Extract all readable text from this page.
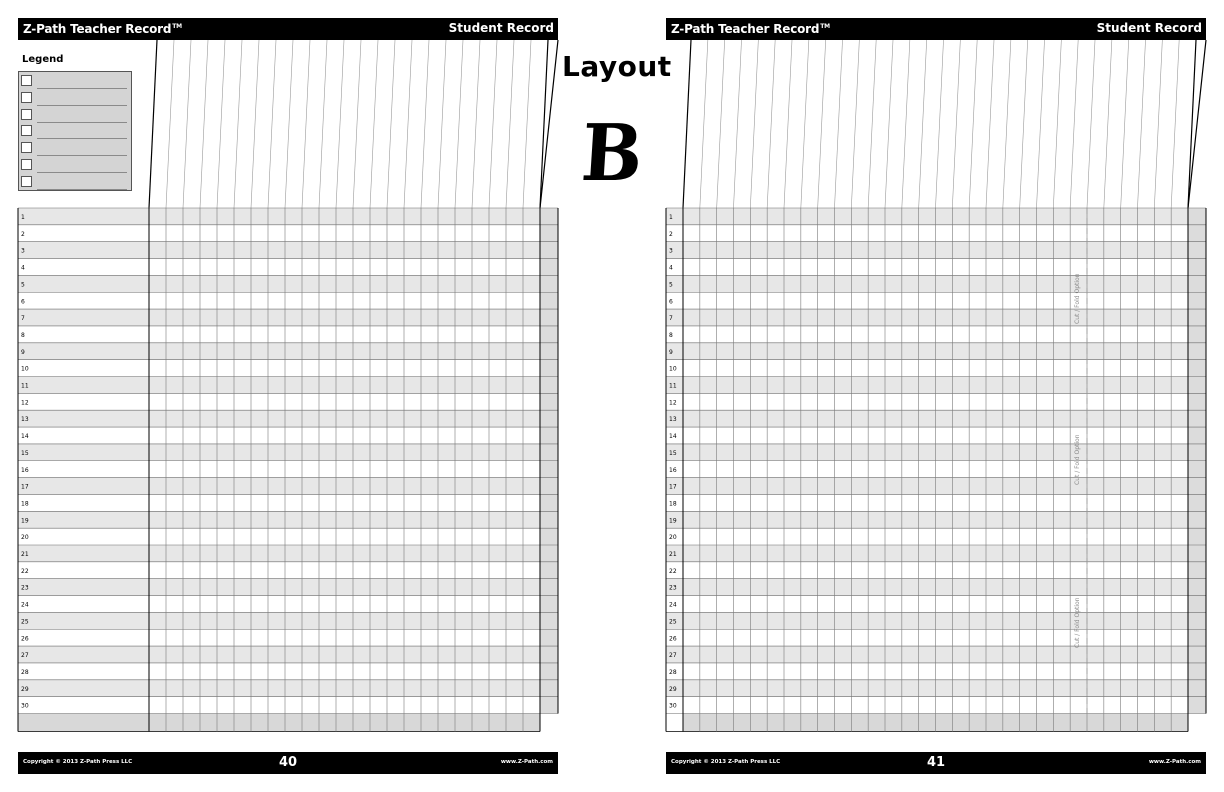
Z-Path Teacher Record™	Student Record
Legend
1
2
3
4
5
6
7
8
9
10
11
12
13
14
15
16
17
18
19
20
21
22
23
24
25
26
27
28
29
30
Copyright © 2013 Z-Path Press LLC	40	www.Z-Path.com
Layout
B
Z-Path Teacher Record™	Student Record
1
2
3
4
5
6
7
8
9
10
11
12
13
14
15
16
17
18
19
20
21
22
23
24
25
26
27
28
29
30
Cut / Fold Option
Cut / Fold Option
Cut / Fold Option
Copyright © 2013 Z-Path Press LLC	41	www.Z-Path.com
